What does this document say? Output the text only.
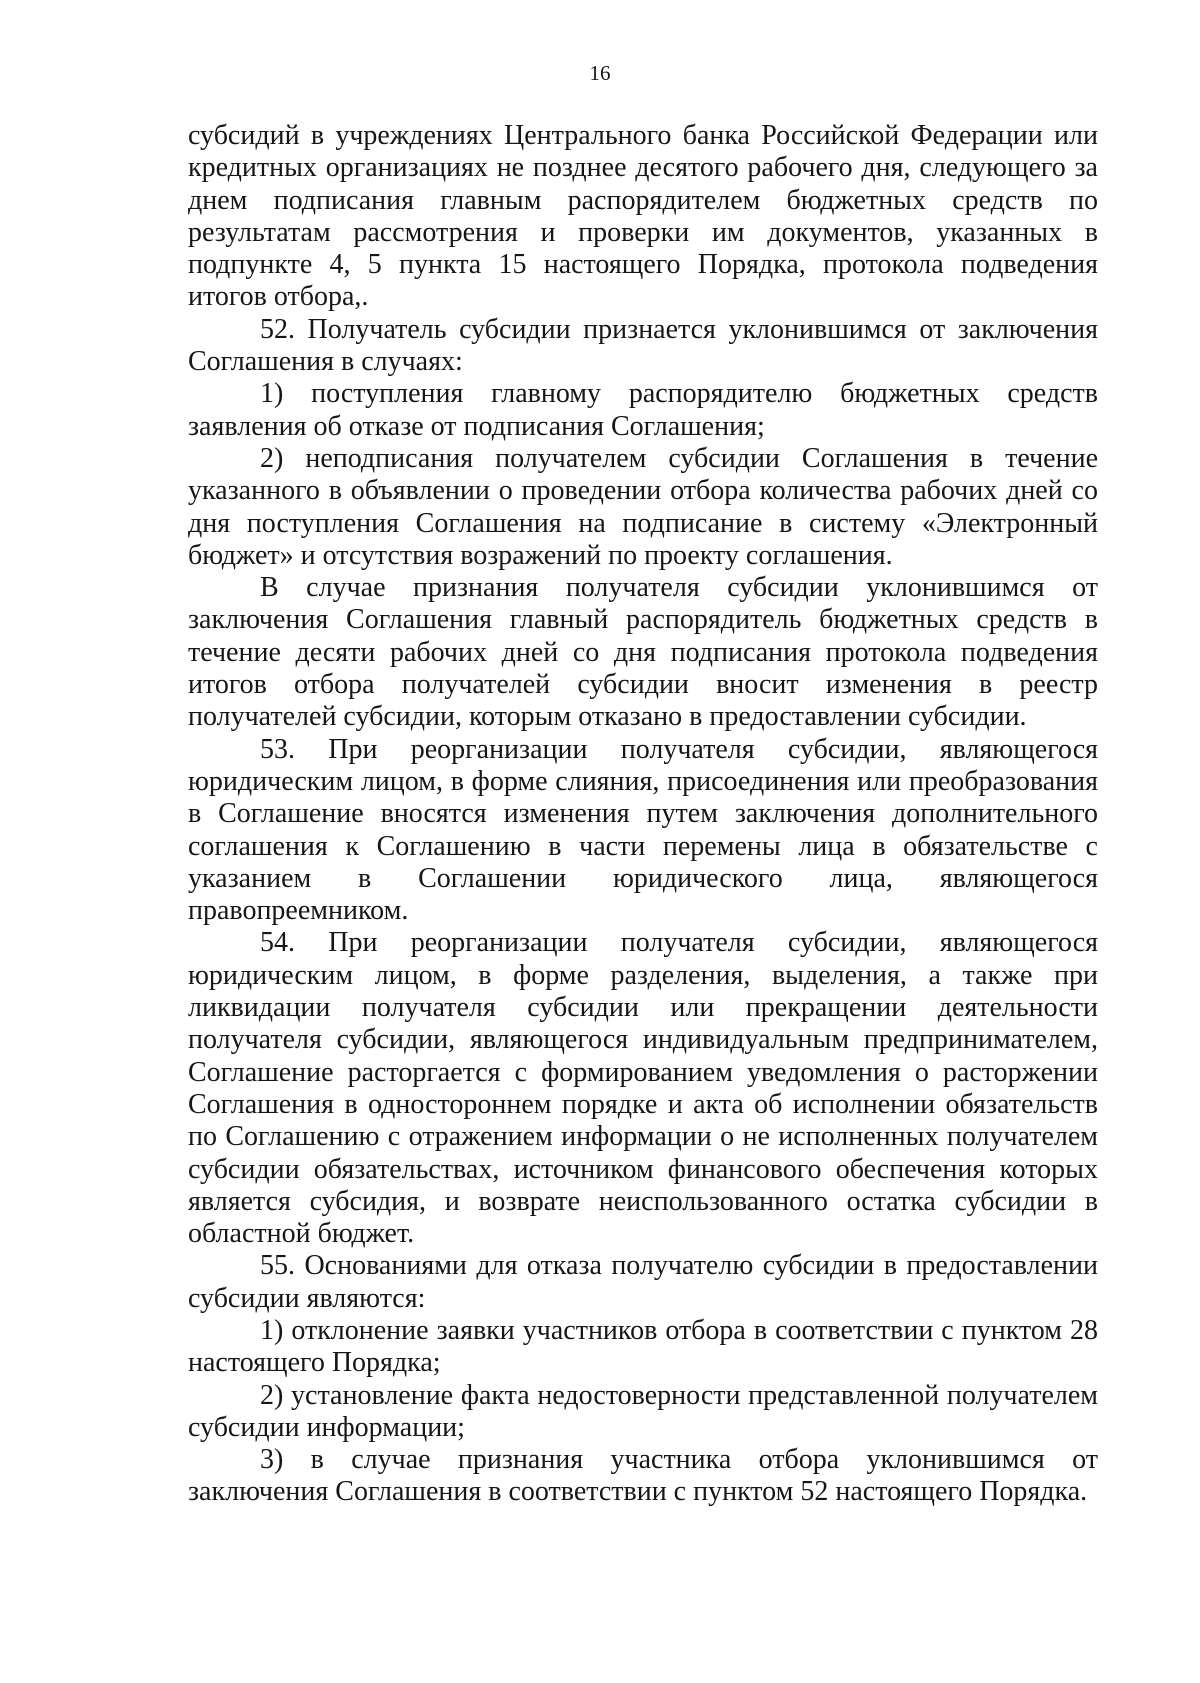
16

субсидий в учреждениях Центрального банка Российской Федерации или кредитных организациях не позднее десятого рабочего дня, следующего за днем подписания главным распорядителем бюджетных средств по результатам рассмотрения и проверки им документов, указанных в подпункте 4, 5 пункта 15 настоящего Порядка, протокола подведения итогов отбора,.

52. Получатель субсидии признается уклонившимся от заключения Соглашения в случаях:

1) поступления главному распорядителю бюджетных средств заявления об отказе от подписания Соглашения;

2) неподписания получателем субсидии Соглашения в течение указанного в объявлении о проведении отбора количества рабочих дней со дня поступления Соглашения на подписание в систему «Электронный бюджет» и отсутствия возражений по проекту соглашения.

В случае признания получателя субсидии уклонившимся от заключения Соглашения главный распорядитель бюджетных средств в течение десяти рабочих дней со дня подписания протокола подведения итогов отбора получателей субсидии вносит изменения в реестр получателей субсидии, которым отказано в предоставлении субсидии.

53. При реорганизации получателя субсидии, являющегося юридическим лицом, в форме слияния, присоединения или преобразования в Соглашение вносятся изменения путем заключения дополнительного соглашения к Соглашению в части перемены лица в обязательстве с указанием в Соглашении юридического лица, являющегося правопреемником.

54. При реорганизации получателя субсидии, являющегося юридическим лицом, в форме разделения, выделения, а также при ликвидации получателя субсидии или прекращении деятельности получателя субсидии, являющегося индивидуальным предпринимателем, Соглашение расторгается с формированием уведомления о расторжении Соглашения в одностороннем порядке и акта об исполнении обязательств по Соглашению с отражением информации о не исполненных получателем субсидии обязательствах, источником финансового обеспечения которых является субсидия, и возврате неиспользованного остатка субсидии в областной бюджет.

55. Основаниями для отказа получателю субсидии в предоставлении субсидии являются:

1) отклонение заявки участников отбора в соответствии с пунктом 28 настоящего Порядка;

2) установление факта недостоверности представленной получателем субсидии информации;

3) в случае признания участника отбора уклонившимся от заключения Соглашения в соответствии с пунктом 52 настоящего Порядка.
